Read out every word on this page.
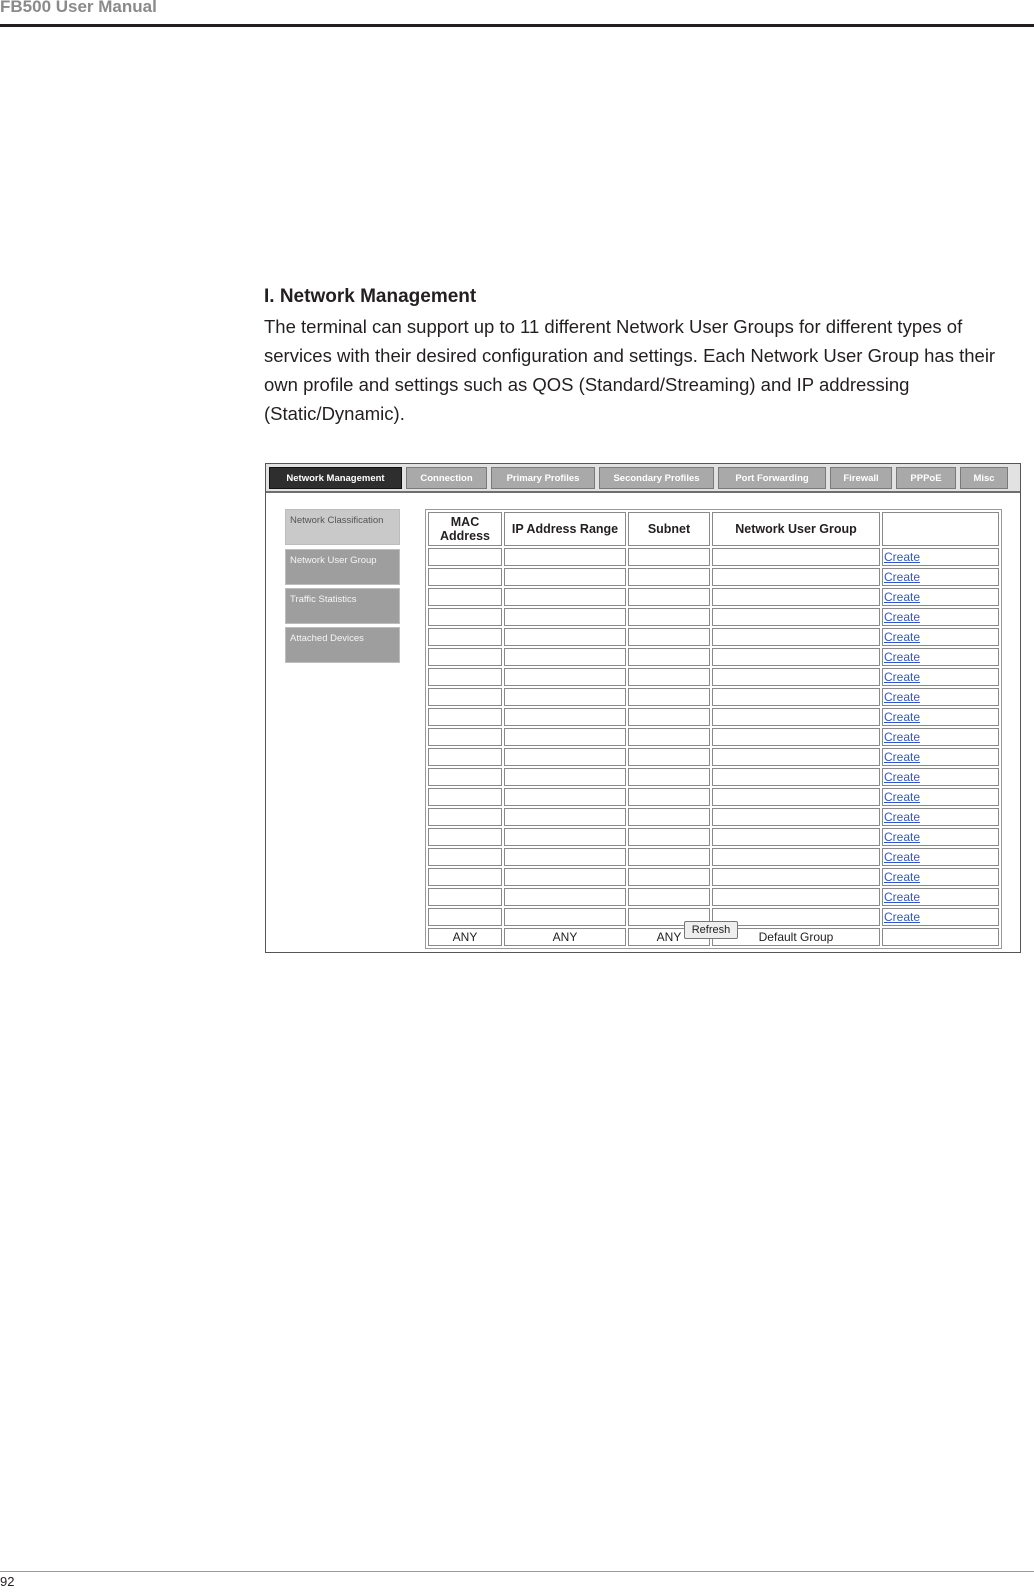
FB500 User Manual
I. Network Management

The terminal can support up to 11 different Network User Groups for different types of services with their desired configuration and settings. Each Network User Group has their own profile and settings such as QOS (Standard/Streaming) and IP addressing (Static/Dynamic).

Network Management	Connection	Primary Profiles	Secondary Profiles	Port Forwarding	Firewall	PPPoE	Misc
Network Classification
Network User Group
Traffic Statistics
Attached Devices
MAC Address	IP Address Range	Subnet	Network User Group	
				Create
				Create
				Create
				Create
				Create
				Create
				Create
				Create
				Create
				Create
				Create
				Create
				Create
				Create
				Create
				Create
				Create
				Create
				Create
ANY	ANY	ANY	Default Group	
Refresh
92
